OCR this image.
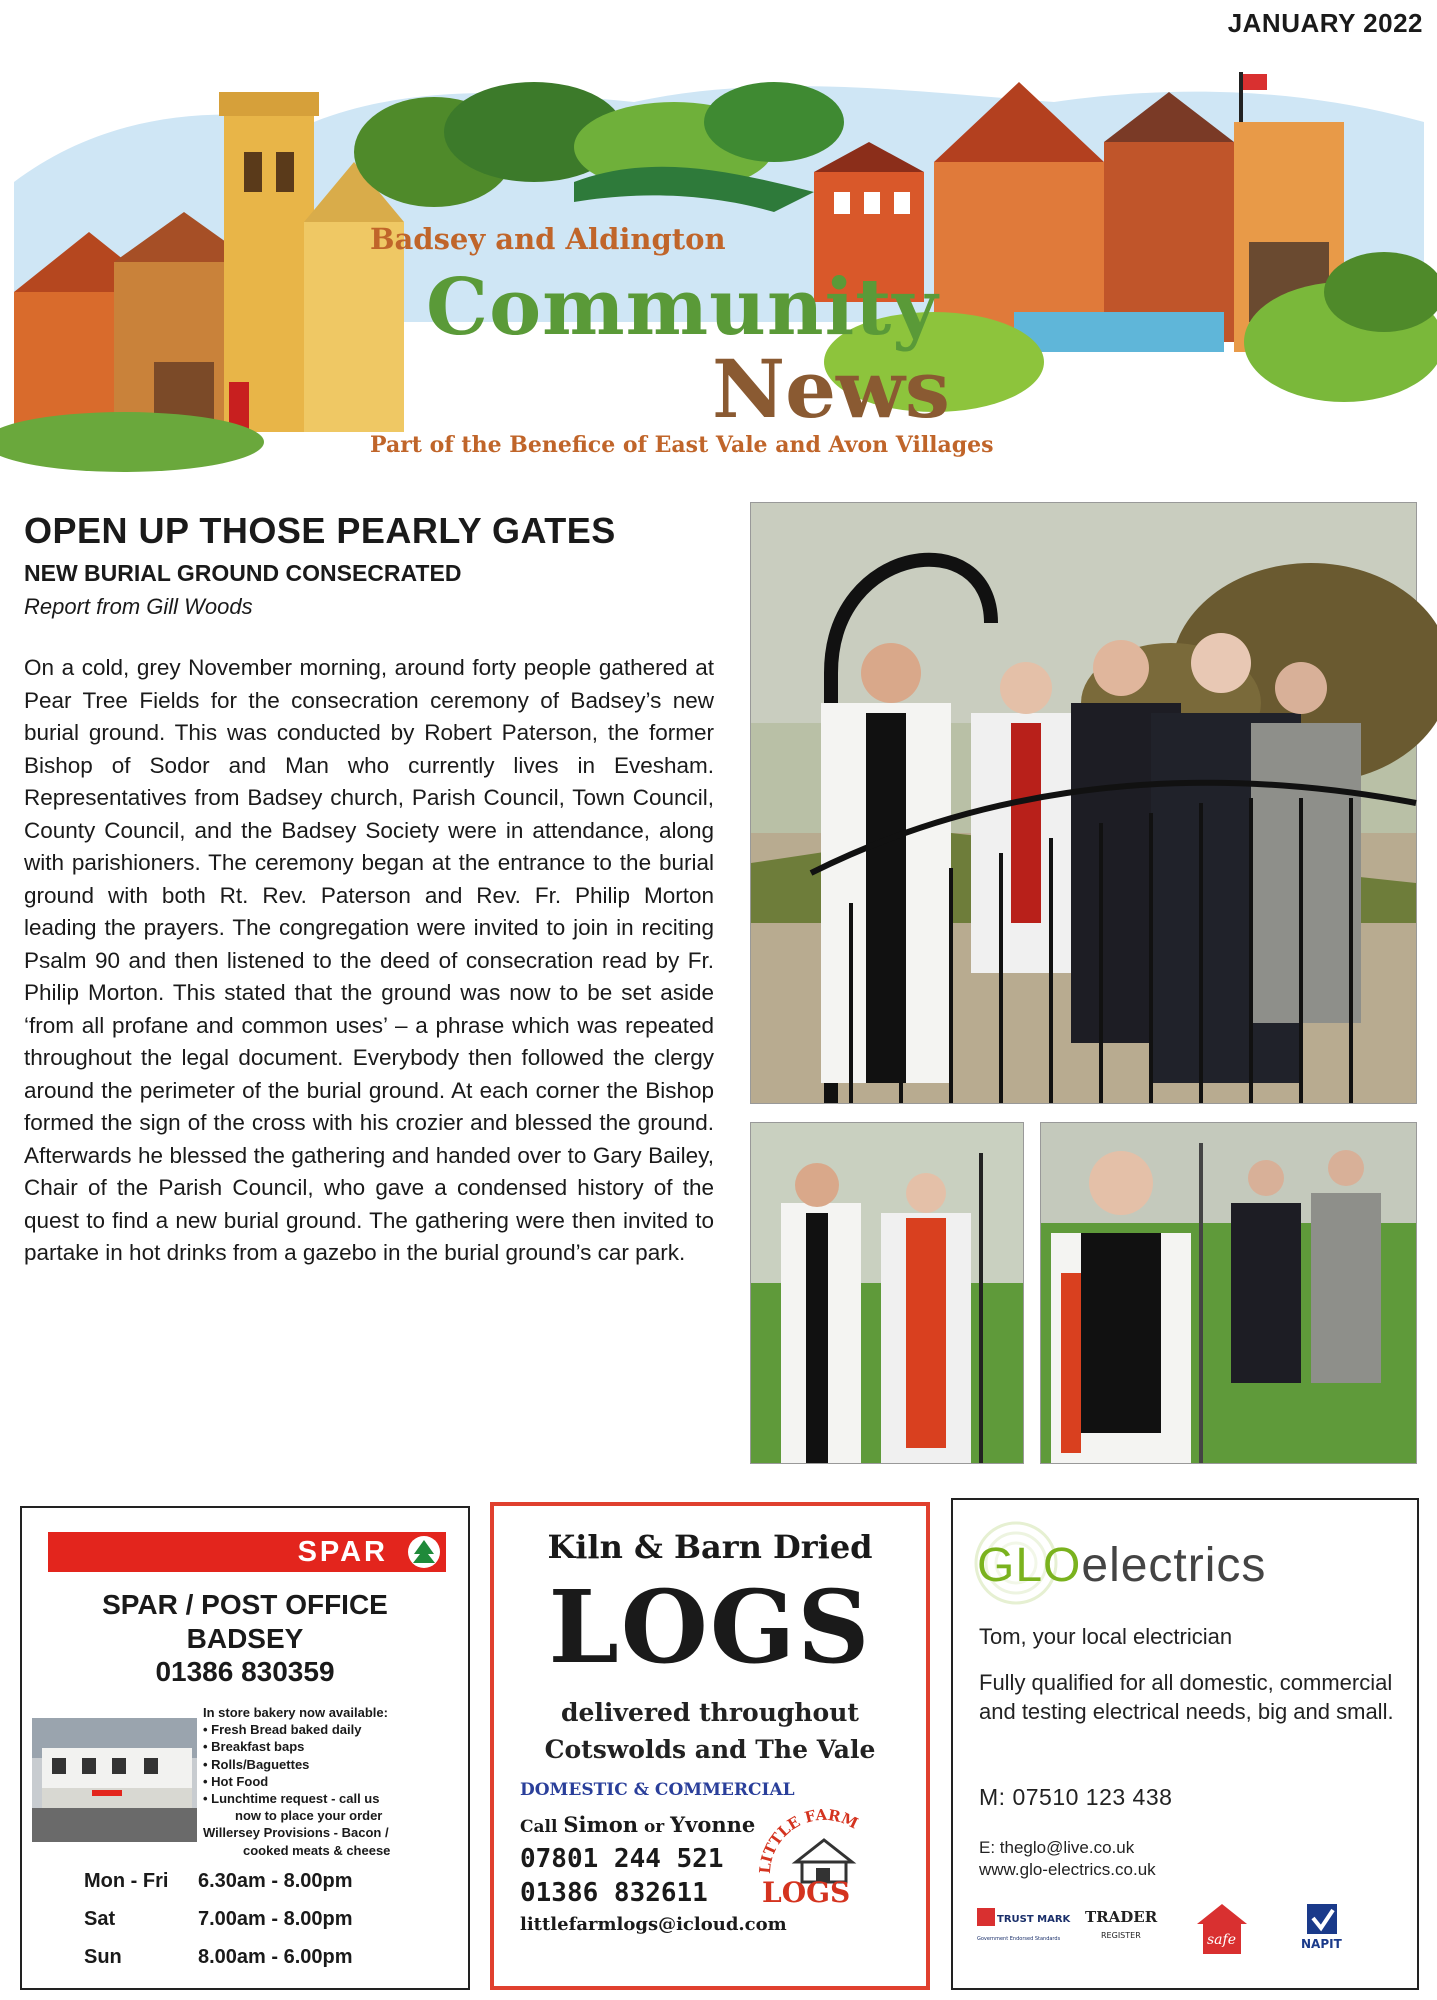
JANUARY 2022
Badsey and Aldington
Community
News
Part of the Benefice of East Vale and Avon Villages
OPEN UP THOSE PEARLY GATES
NEW BURIAL GROUND CONSECRATED
Report from Gill Woods
On a cold, grey November morning, around forty people gathered at Pear Tree Fields for the consecration ceremony of Badsey’s new burial ground. This was conducted by Robert Paterson, the former Bishop of Sodor and Man who currently lives in Evesham. Representatives from Badsey church, Parish Council, Town Council, County Council, and the Badsey Society were in attendance, along with parishioners. The ceremony began at the entrance to the burial ground with both Rt. Rev. Paterson and Rev. Fr. Philip Morton leading the prayers. The congregation were invited to join in reciting Psalm 90 and then listened to the deed of consecration read by Fr. Philip Morton. This stated that the ground was now to be set aside ‘from all profane and common uses’ – a phrase which was repeated throughout the legal document. Everybody then followed the clergy around the perimeter of the burial ground. At each corner the Bishop formed the sign of the cross with his crozier and blessed the ground. Afterwards he blessed the gathering and handed over to Gary Bailey, Chair of the Parish Council, who gave a condensed history of the quest to find a new burial ground. The gathering were then invited to partake in hot drinks from a gazebo in the burial ground’s car park.
SPAR
SPAR / POST OFFICE
BADSEY
01386 830359
In store bakery now available:
• Fresh Bread baked daily
• Breakfast baps
• Rolls/Baguettes
• Hot Food
• Lunchtime request - call us
now to place your order
Willersey Provisions - Bacon /
cooked meats & cheese
Mon - Fri 6.30am - 8.00pm
Sat	7.00am - 8.00pm
Sun	8.00am - 6.00pm
Kiln & Barn Dried
LOGS
delivered throughout
Cotswolds and The Vale
DOMESTIC & COMMERCIAL
Call Simon or Yvonne
07801 244 521
01386 832611
littlefarmlogs@icloud.com
LITTLE FARM
LOGS
GLOelectrics
Tom, your local electrician
Fully qualified for all domestic, commercial and testing electrical needs, big and small.
M: 07510 123 438
E: theglo@live.co.uk
www.glo-electrics.co.uk
TRUST MARK
Government Endorsed Standards
TRADER
REGISTER	safe	NAPIT
